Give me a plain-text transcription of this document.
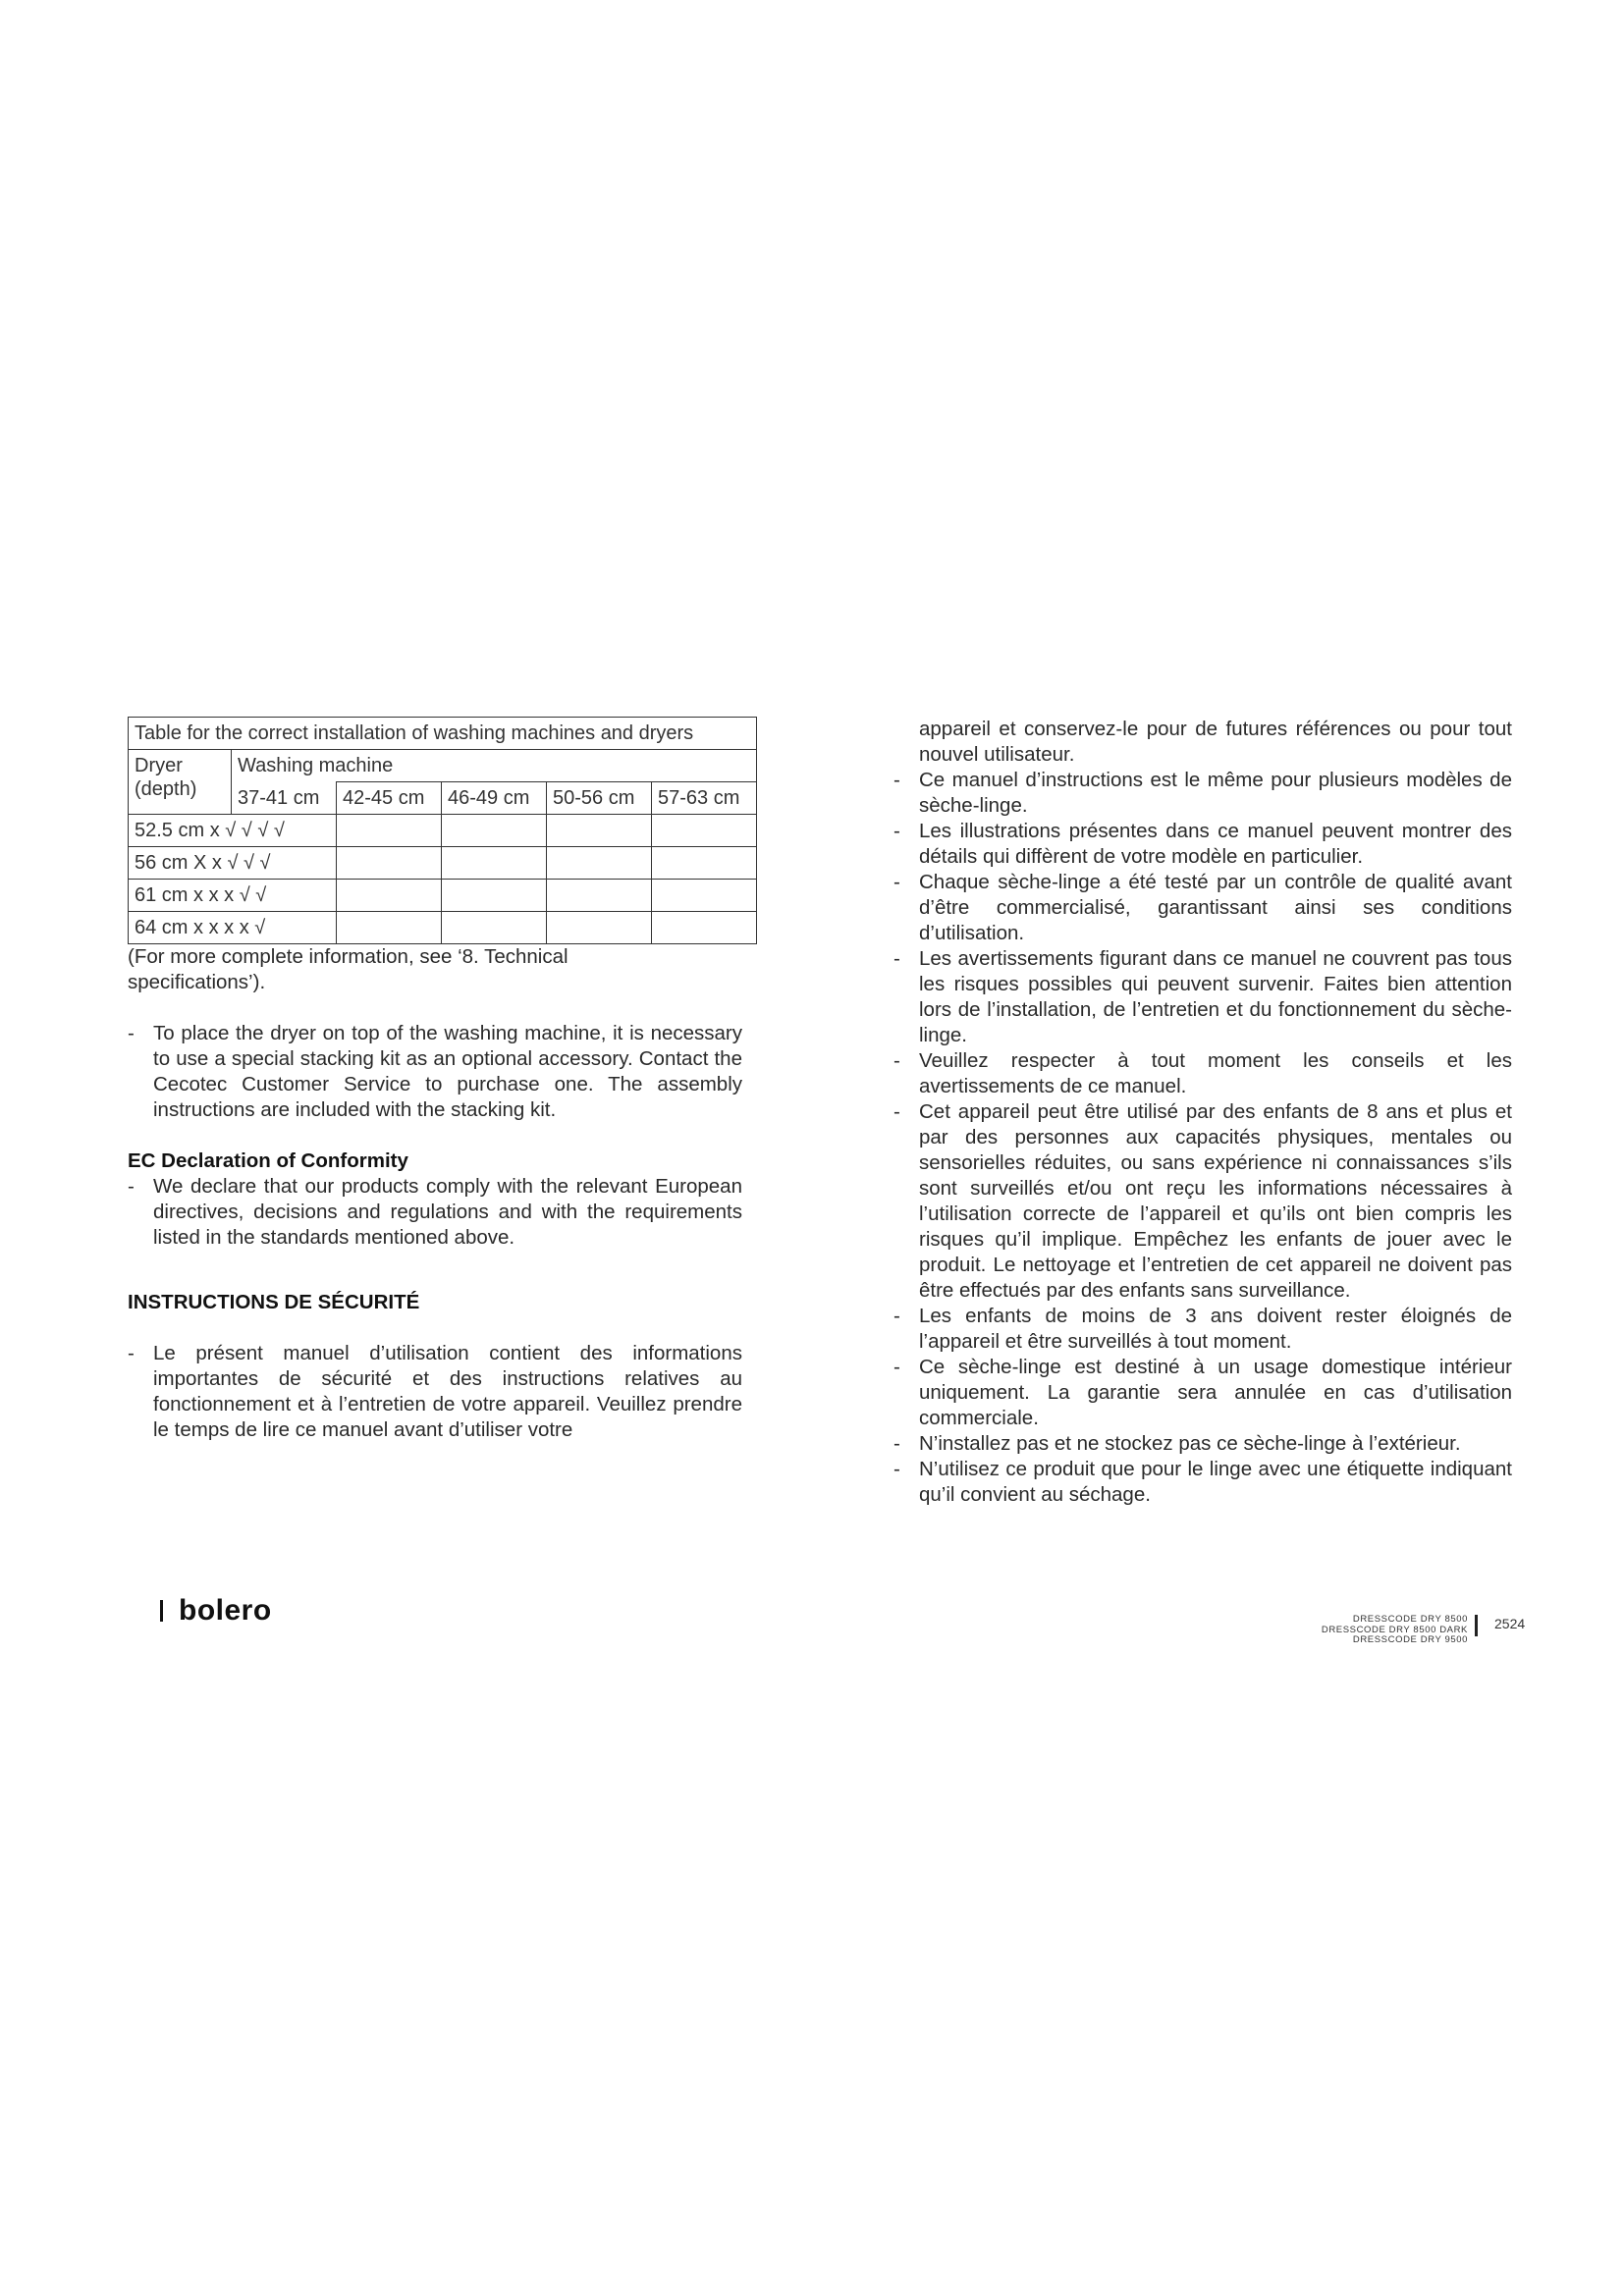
Table for the correct installation of washing machines and dryers					
Dryer (depth)	Washing machine				
	37-41 cm	42-45 cm	46-49 cm	50-56 cm	57-63 cm
52.5 cm x √ √ √ √					
56 cm X x √ √ √					
61 cm x x x √ √					
64 cm x x x x √					
(For more complete information, see ‘8. Technical specifications’).
- To place the dryer on top of the washing machine, it is necessary to use a special stacking kit as an optional accessory. Contact the Cecotec Customer Service to purchase one. The assembly instructions are included with the stacking kit.
EC Declaration of Conformity
- We declare that our products comply with the relevant European directives, decisions and regulations and with the requirements listed in the standards mentioned above.
INSTRUCTIONS DE SÉCURITÉ
- Le présent manuel d’utilisation contient des informations importantes de sécurité et des instructions relatives au fonctionnement et à l’entretien de votre appareil. Veuillez prendre le temps de lire ce manuel avant d’utiliser votre
appareil et conservez-le pour de futures références ou pour tout nouvel utilisateur.
- Ce manuel d’instructions est le même pour plusieurs modèles de sèche-linge.
- Les illustrations présentes dans ce manuel peuvent montrer des détails qui diffèrent de votre modèle en particulier.
- Chaque sèche-linge a été testé par un contrôle de qualité avant d’être commercialisé, garantissant ainsi ses conditions d’utilisation.
- Les avertissements figurant dans ce manuel ne couvrent pas tous les risques possibles qui peuvent survenir. Faites bien attention lors de l’installation, de l’entretien et du fonctionnement du sèche-linge.
- Veuillez respecter à tout moment les conseils et les avertissements de ce manuel.
- Cet appareil peut être utilisé par des enfants de 8 ans et plus et par des personnes aux capacités physiques, mentales ou sensorielles réduites, ou sans expérience ni connaissances s’ils sont surveillés et/ou ont reçu les informations nécessaires à l’utilisation correcte de l’appareil et qu’ils ont bien compris les risques qu’il implique. Empêchez les enfants de jouer avec le produit. Le nettoyage et l’entretien de cet appareil ne doivent pas être effectués par des enfants sans surveillance.
- Les enfants de moins de 3 ans doivent rester éloignés de l’appareil et être surveillés à tout moment.
- Ce sèche-linge est destiné à un usage domestique intérieur uniquement. La garantie sera annulée en cas d’utilisation commerciale.
- N’installez pas et ne stockez pas ce sèche-linge à l’extérieur.
- N’utilisez ce produit que pour le linge avec une étiquette indiquant qu’il convient au séchage.
bolero	DRESSCODE DRY 8500
DRESSCODE DRY 8500 DARK
DRESSCODE DRY 9500
2524
